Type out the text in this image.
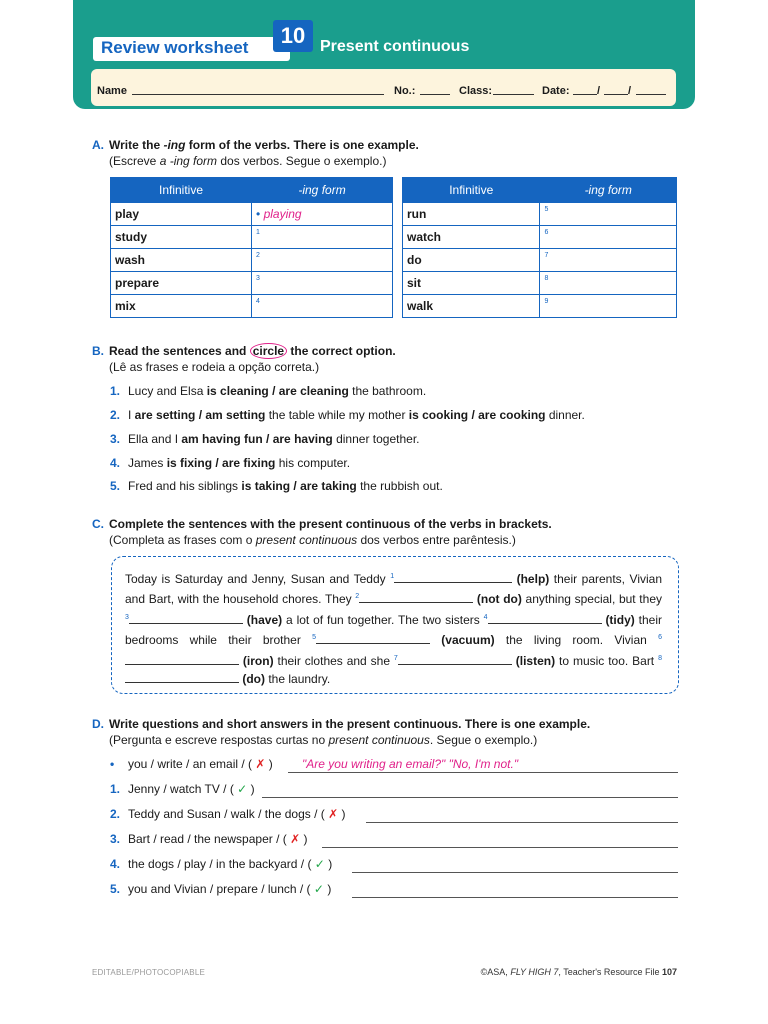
Review worksheet	10 Present continuous
Name	No.:	Class:	Date: /	/
A. Write the -ing form of the verbs. There is one example.
(Escreve a -ing form dos verbos. Segue o exemplo.)
Infinitive	-ing form
play	• playing
study	1

wash	2

prepare	3

mix	4
Infinitive	-ing form
run	5

watch	6

do	7

sit	8

walk	9
B. Read the sentences and circle the correct option.
(Lê as frases e rodeia a opção correta.)
1. Lucy and Elsa is cleaning / are cleaning the bathroom.
2. I are setting / am setting the table while my mother is cooking / are cooking dinner.
3. Ella and I am having fun / are having dinner together.
4. James is fixing / are fixing his computer.
5. Fred and his siblings is taking / are taking the rubbish out.
C. Complete the sentences with the present continuous of the verbs in brackets.
(Completa as frases com o present continuous dos verbos entre parêntesis.)
Today is Saturday and Jenny, Susan and Teddy $^1$	(help) their parents, Vivian and Bart, with the household chores. They $^2$	(not do) anything special, but they $^3$	(have) a lot of fun together. The two sisters $^4$	(tidy) their bedrooms while their brother $^5$	(vacuum) the living room. Vivian $^6$ (iron) their clothes and she $^7$	(listen) to music too. Bart $^8$ (do) the laundry.
D. Write questions and short answers in the present continuous. There is one example.
(Pergunta e escreve respostas curtas no present continuous. Segue o exemplo.)
• you / write / an email / ( ✗ ) "Are you writing an email?" "No, I'm not."
1. Jenny / watch TV / ( ✓ )
2. Teddy and Susan / walk / the dogs / ( ✗ )
3. Bart / read / the newspaper / ( ✗ )
4. the dogs / play / in the backyard / ( ✓ )
5. you and Vivian / prepare / lunch / ( ✓ )
EDITABLE/PHOTOCOPIABLE	©ASA, FLY HIGH 7, Teacher's Resource File 107
